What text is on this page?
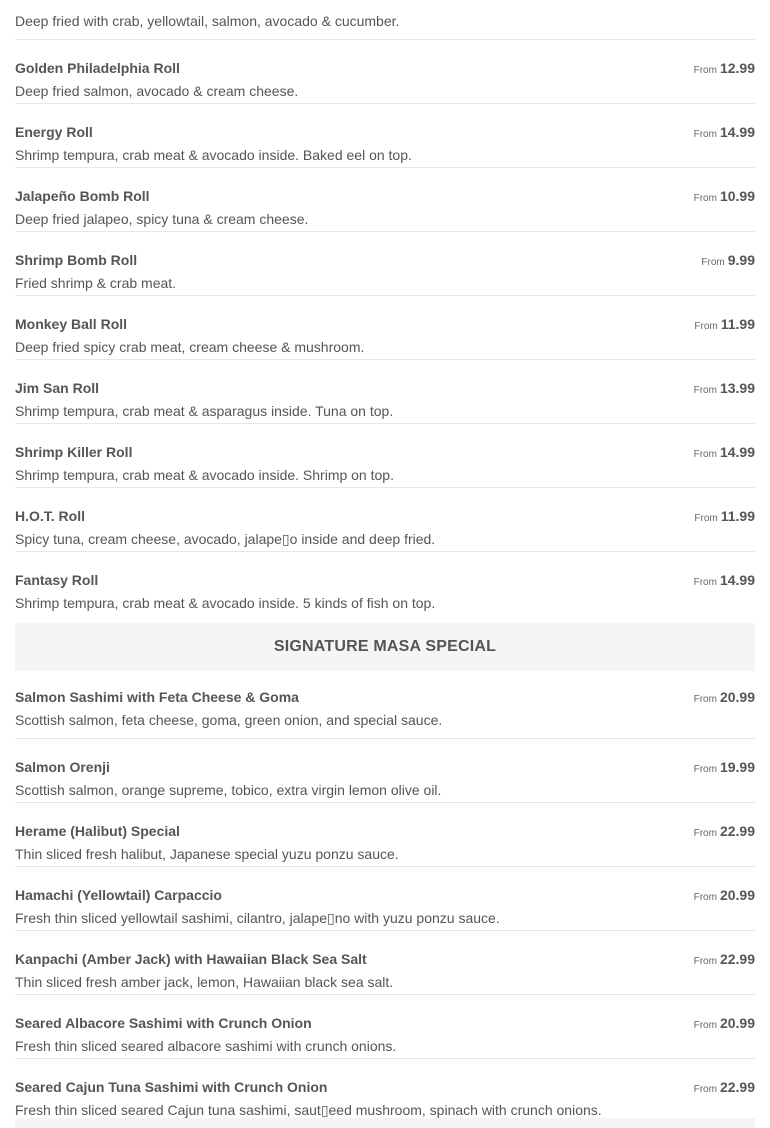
Deep fried with crab, yellowtail, salmon, avocado & cucumber.
Golden Philadelphia Roll
Deep fried salmon, avocado & cream cheese.
From 12.99
Energy Roll
Shrimp tempura, crab meat & avocado inside. Baked eel on top.
From 14.99
Jalapeño Bomb Roll
Deep fried jalapeo, spicy tuna & cream cheese.
From 10.99
Shrimp Bomb Roll
Fried shrimp & crab meat.
From 9.99
Monkey Ball Roll
Deep fried spicy crab meat, cream cheese & mushroom.
From 11.99
Jim San Roll
Shrimp tempura, crab meat & asparagus inside. Tuna on top.
From 13.99
Shrimp Killer Roll
Shrimp tempura, crab meat & avocado inside. Shrimp on top.
From 14.99
H.O.T. Roll
Spicy tuna, cream cheese, avocado, jalape▯o inside and deep fried.
From 11.99
Fantasy Roll
Shrimp tempura, crab meat & avocado inside. 5 kinds of fish on top.
From 14.99
SIGNATURE MASA SPECIAL
Salmon Sashimi with Feta Cheese & Goma
Scottish salmon, feta cheese, goma, green onion, and special sauce.
From 20.99
Salmon Orenji
Scottish salmon, orange supreme, tobico, extra virgin lemon olive oil.
From 19.99
Herame (Halibut) Special
Thin sliced fresh halibut, Japanese special yuzu ponzu sauce.
From 22.99
Hamachi (Yellowtail) Carpaccio
Fresh thin sliced yellowtail sashimi, cilantro, jalape▯no with yuzu ponzu sauce.
From 20.99
Kanpachi (Amber Jack) with Hawaiian Black Sea Salt
Thin sliced fresh amber jack, lemon, Hawaiian black sea salt.
From 22.99
Seared Albacore Sashimi with Crunch Onion
Fresh thin sliced seared albacore sashimi with crunch onions.
From 20.99
Seared Cajun Tuna Sashimi with Crunch Onion
Fresh thin sliced seared Cajun tuna sashimi, saut▯eed mushroom, spinach with crunch onions.
From 22.99
